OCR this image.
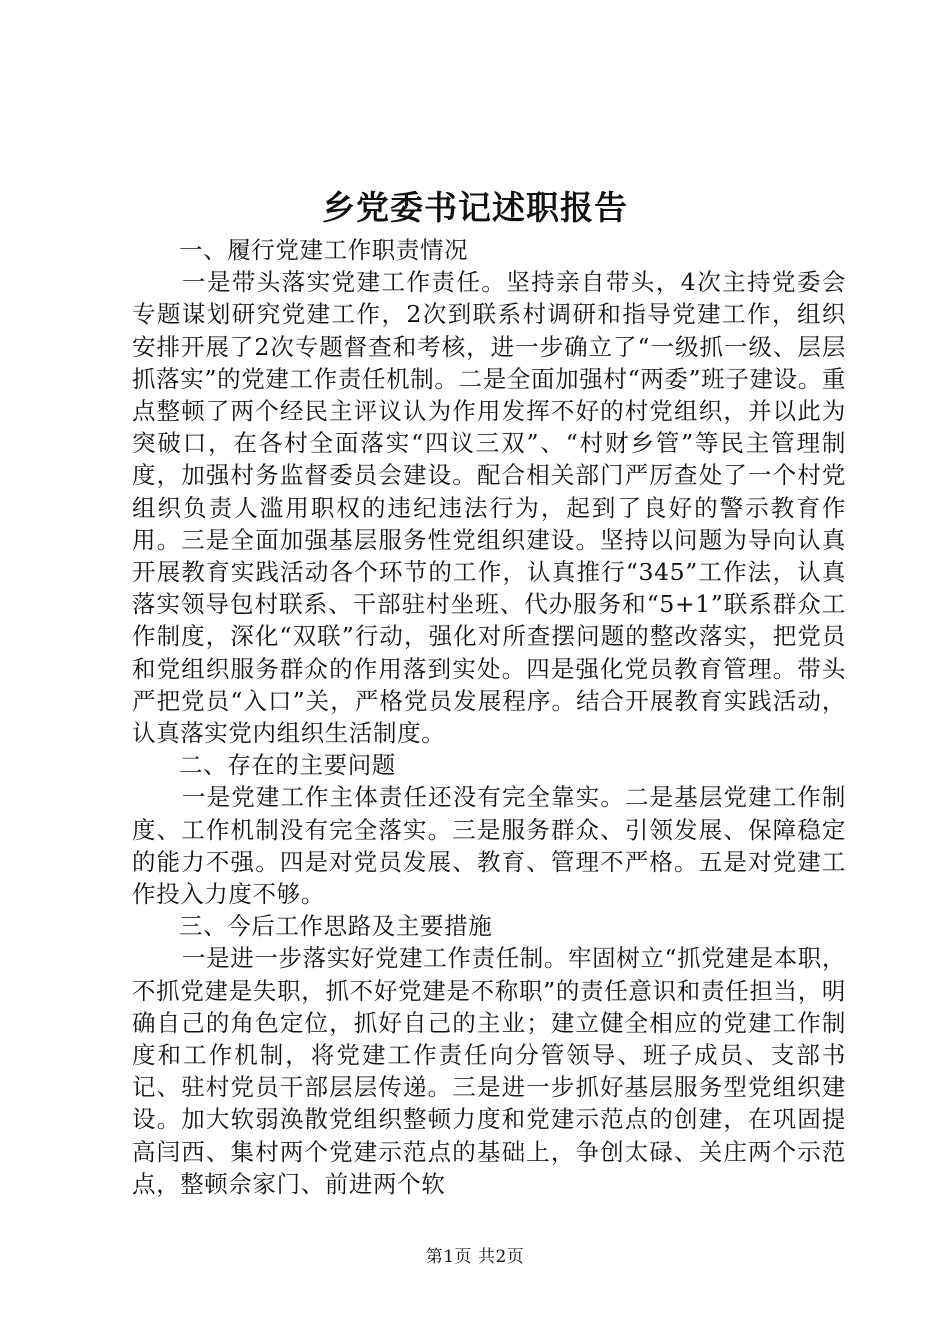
乡党委书记述职报告

一、履行党建工作职责情况

一是带头落实党建工作责任。坚持亲自带头，4次主持党委会专题谋划研究党建工作，2次到联系村调研和指导党建工作，组织安排开展了2次专题督查和考核，进一步确立了“一级抓一级、层层抓落实”的党建工作责任机制。二是全面加强村“两委”班子建设。重点整顿了两个经民主评议认为作用发挥不好的村党组织，并以此为突破口，在各村全面落实“四议三双”、“村财乡管”等民主管理制度，加强村务监督委员会建设。配合相关部门严厉查处了一个村党组织负责人滥用职权的违纪违法行为，起到了良好的警示教育作用。三是全面加强基层服务性党组织建设。坚持以问题为导向认真开展教育实践活动各个环节的工作，认真推行“345”工作法，认真落实领导包村联系、干部驻村坐班、代办服务和“5+1”联系群众工作制度，深化“双联”行动，强化对所查摆问题的整改落实，把党员和党组织服务群众的作用落到实处。四是强化党员教育管理。带头严把党员“入口”关，严格党员发展程序。结合开展教育实践活动，认真落实党内组织生活制度。

二、存在的主要问题

一是党建工作主体责任还没有完全靠实。二是基层党建工作制度、工作机制没有完全落实。三是服务群众、引领发展、保障稳定的能力不强。四是对党员发展、教育、管理不严格。五是对党建工作投入力度不够。

三、今后工作思路及主要措施

一是进一步落实好党建工作责任制。牢固树立“抓党建是本职，不抓党建是失职，抓不好党建是不称职”的责任意识和责任担当，明确自己的角色定位，抓好自己的主业；建立健全相应的党建工作制度和工作机制，将党建工作责任向分管领导、班子成员、支部书记、驻村党员干部层层传递。三是进一步抓好基层服务型党组织建设。加大软弱涣散党组织整顿力度和党建示范点的创建，在巩固提高闫西、集村两个党建示范点的基础上，争创太碌、关庄两个示范点，整顿佘家门、前进两个软

第1页 共2页
